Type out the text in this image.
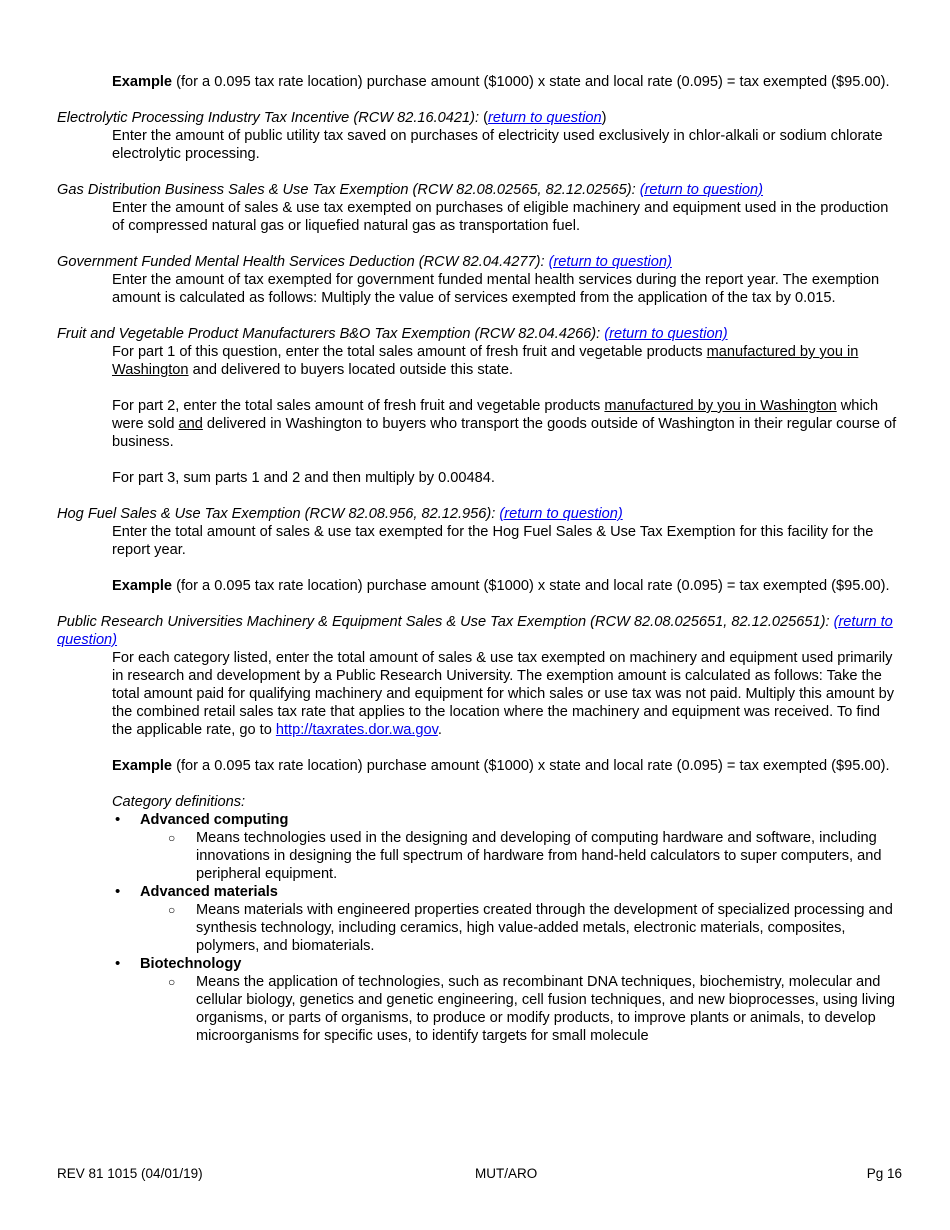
Example (for a 0.095 tax rate location) purchase amount ($1000) x state and local rate (0.095) = tax exempted ($95.00).
Electrolytic Processing Industry Tax Incentive (RCW 82.16.0421): (return to question)
Enter the amount of public utility tax saved on purchases of electricity used exclusively in chlor-alkali or sodium chlorate electrolytic processing.
Gas Distribution Business Sales & Use Tax Exemption (RCW 82.08.02565, 82.12.02565): (return to question)
Enter the amount of sales & use tax exempted on purchases of eligible machinery and equipment used in the production of compressed natural gas or liquefied natural gas as transportation fuel.
Government Funded Mental Health Services Deduction (RCW 82.04.4277): (return to question)
Enter the amount of tax exempted for government funded mental health services during the report year. The exemption amount is calculated as follows: Multiply the value of services exempted from the application of the tax by 0.015.
Fruit and Vegetable Product Manufacturers B&O Tax Exemption (RCW 82.04.4266): (return to question)
For part 1 of this question, enter the total sales amount of fresh fruit and vegetable products manufactured by you in Washington and delivered to buyers located outside this state.
For part 2, enter the total sales amount of fresh fruit and vegetable products manufactured by you in Washington which were sold and delivered in Washington to buyers who transport the goods outside of Washington in their regular course of business.
For part 3, sum parts 1 and 2 and then multiply by 0.00484.
Hog Fuel Sales & Use Tax Exemption (RCW 82.08.956, 82.12.956): (return to question)
Enter the total amount of sales & use tax exempted for the Hog Fuel Sales & Use Tax Exemption for this facility for the report year.
Example (for a 0.095 tax rate location) purchase amount ($1000) x state and local rate (0.095) = tax exempted ($95.00).
Public Research Universities Machinery & Equipment Sales & Use Tax Exemption (RCW 82.08.025651, 82.12.025651): (return to question)
For each category listed, enter the total amount of sales & use tax exempted on machinery and equipment used primarily in research and development by a Public Research University. The exemption amount is calculated as follows: Take the total amount paid for qualifying machinery and equipment for which sales or use tax was not paid. Multiply this amount by the combined retail sales tax rate that applies to the location where the machinery and equipment was received. To find the applicable rate, go to http://taxrates.dor.wa.gov.
Example (for a 0.095 tax rate location) purchase amount ($1000) x state and local rate (0.095) = tax exempted ($95.00).
Category definitions:
• Advanced computing
○ Means technologies used in the designing and developing of computing hardware and software, including innovations in designing the full spectrum of hardware from hand-held calculators to super computers, and peripheral equipment.
• Advanced materials
○ Means materials with engineered properties created through the development of specialized processing and synthesis technology, including ceramics, high value-added metals, electronic materials, composites, polymers, and biomaterials.
• Biotechnology
○ Means the application of technologies, such as recombinant DNA techniques, biochemistry, molecular and cellular biology, genetics and genetic engineering, cell fusion techniques, and new bioprocesses, using living organisms, or parts of organisms, to produce or modify products, to improve plants or animals, to develop microorganisms for specific uses, to identify targets for small molecule
REV 81 1015 (04/01/19)	MUT/ARO	Pg 16
